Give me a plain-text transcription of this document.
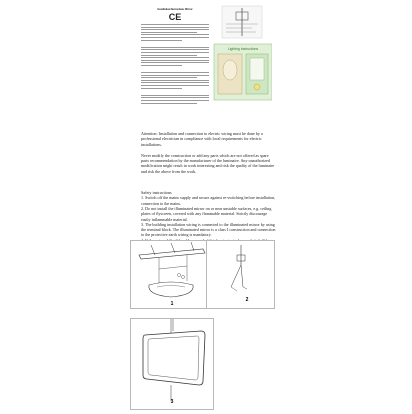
Installation/Instructions Mirror
CE
Lighting Instructions

Attention: Installation and connection to electric wiring must be done by a professional electrician in compliance with local requirements for electric installations.

Never modify the construction or add any parts which are not offered as spare parts recommendation by the manufacturer of the luminaire. Any unauthorized modification might result in work interesting and risk the quality of the luminaire and risk the above from the work.

Safety instructions

1. Switch off the mains supply and secure against re-switching before installation, connection to the mains.

2. Do not install the illuminated mirror on or near unstable surfaces, e.g. ceiling plates of flyscreen, covered with any flammable material. Strictly discourage easily inflammable material.

3. The building installation wiring is connected to the illuminated mirror by using the terminal block. The illuminated mirror is a class I construction and connection to the protective earth wiring is mandatory.

1
2
3
